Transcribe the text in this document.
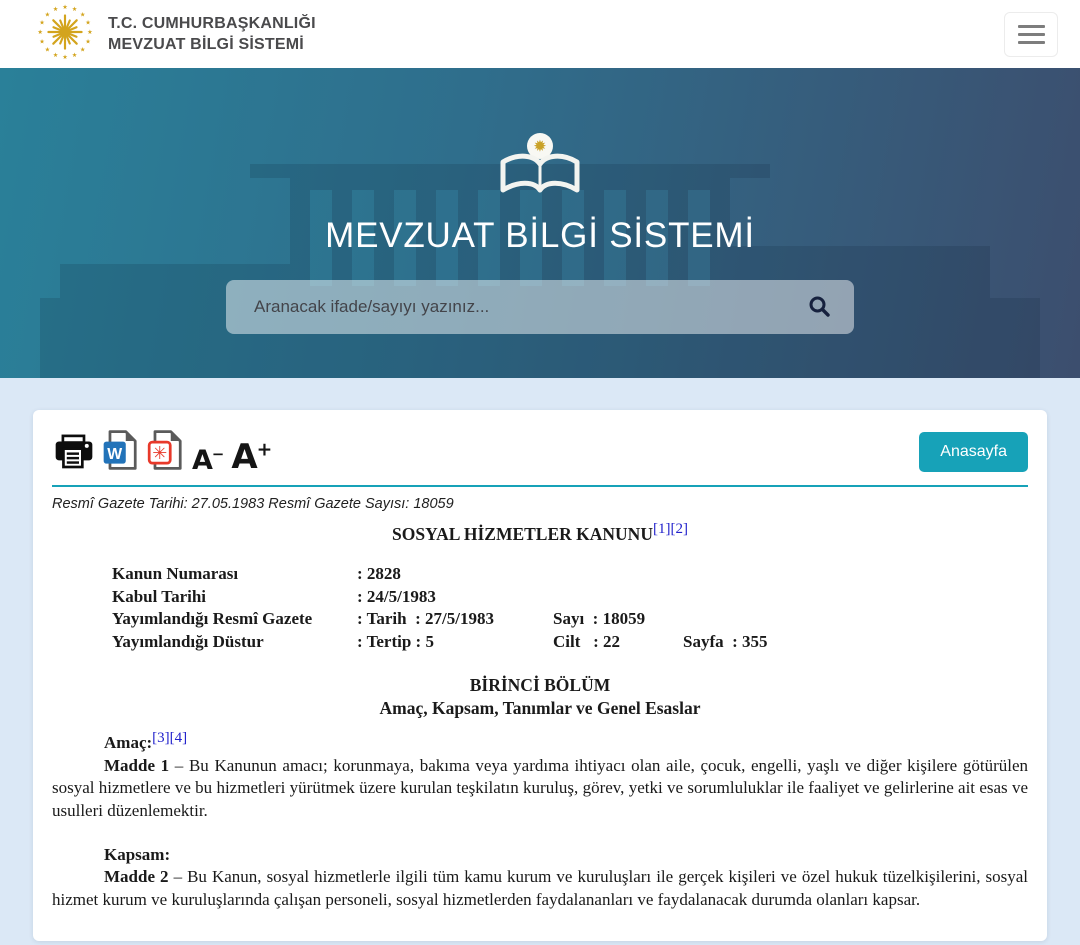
★
★
★
★
★
★
★
★
★
★
★
★ ★ ★
★
★ T.C. CUMHURBAŞKANLIĞI
MEVZUAT BİLGİ SİSTEMİ
✹
MEVZUAT BİLGİ SİSTEMİ
Aranacak ifade/sayıyı yazınız...
W ✳ A− A+	Anasayfa
Resmî Gazete Tarihi: 27.05.1983 Resmî Gazete Sayısı: 18059
SOSYAL HİZMETLER KANUNU[1][2]
Kanun Numarası	: 2828
Kabul Tarihi	: 24/5/1983
Yayımlandığı Resmî Gazete	: Tarih  : 27/5/1983	Sayı  : 18059
Yayımlandığı Düstur	: Tertip : 5	Cilt   : 22	Sayfa  : 355
BİRİNCİ BÖLÜM
Amaç, Kapsam, Tanımlar ve Genel Esaslar
Amaç:[3][4]

Madde 1 – Bu Kanunun amacı; korunmaya, bakıma veya yardıma ihtiyacı olan aile, çocuk, engelli, yaşlı ve diğer kişilere götürülen sosyal hizmetlere ve bu hizmetleri yürütmek üzere kurulan teşkilatın kuruluş, görev, yetki ve sorumluluklar ile faaliyet ve gelirlerine ait esas ve usulleri düzenlemektir.

Kapsam:

Madde 2 – Bu Kanun, sosyal hizmetlerle ilgili tüm kamu kurum ve kuruluşları ile gerçek kişileri ve özel hukuk tüzelkişilerini, sosyal hizmet kurum ve kuruluşlarında çalışan personeli, sosyal hizmetlerden faydalananları ve faydalanacak durumda olanları kapsar.
